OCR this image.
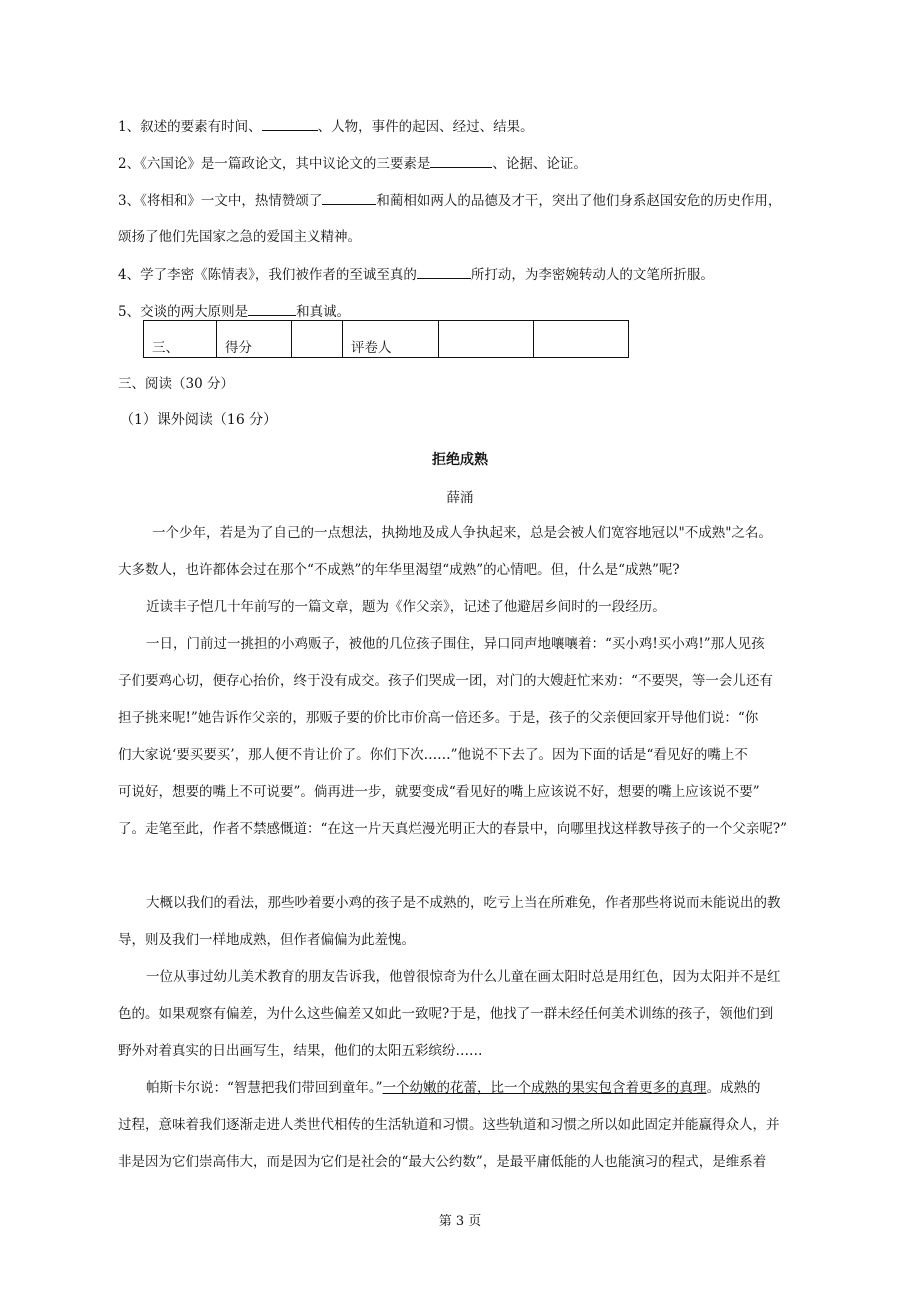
1、叙述的要素有时间、	、人物，事件的起因、经过、结果。
2、《六国论》是一篇政论文，其中议论文的三要素是	、论据、论证。
3、《将相和》一文中，热情赞颂了	和蔺相如两人的品德及才干，突出了他们身系赵国安危的历史作用，
颂扬了他们先国家之急的爱国主义精神。
4、学了李密《陈情表》，我们被作者的至诚至真的	所打动，为李密婉转动人的文笔所折服。
5、交谈的两大原则是	和真诚。
三、	得分		评卷人		
三、阅读（30 分）
（1）课外阅读（16 分）
拒绝成熟
薛涌
一个少年，若是为了自己的一点想法，执拗地及成人争执起来，总是会被人们宽容地冠以"不成熟"之名。
大多数人，也许都体会过在那个“不成熟”的年华里渴望“成熟”的心情吧。但，什么是“成熟”呢?
近读丰子恺几十年前写的一篇文章，题为《作父亲》，记述了他避居乡间时的一段经历。
一日，门前过一挑担的小鸡贩子，被他的几位孩子围住，异口同声地嚷嚷着：“买小鸡!买小鸡!”那人见孩
子们要鸡心切，便存心抬价，终于没有成交。孩子们哭成一团，对门的大嫂赶忙来劝：“不要哭，等一会儿还有
担子挑来呢!”她告诉作父亲的，那贩子要的价比市价高一倍还多。于是，孩子的父亲便回家开导他们说：“你
们大家说‘要买要买’，那人便不肯让价了。你们下次……”他说不下去了。因为下面的话是“看见好的嘴上不
可说好，想要的嘴上不可说要”。倘再进一步，就要变成“看见好的嘴上应该说不好，想要的嘴上应该说不要”
了。走笔至此，作者不禁感慨道：“在这一片天真烂漫光明正大的春景中，向哪里找这样教导孩子的一个父亲呢?”
大概以我们的看法，那些吵着要小鸡的孩子是不成熟的，吃亏上当在所难免，作者那些将说而未能说出的教
导，则及我们一样地成熟，但作者偏偏为此羞愧。
一位从事过幼儿美术教育的朋友告诉我，他曾很惊奇为什么儿童在画太阳时总是用红色，因为太阳并不是红
色的。如果观察有偏差，为什么这些偏差又如此一致呢?于是，他找了一群未经任何美术训练的孩子，领他们到
野外对着真实的日出画写生，结果，他们的太阳五彩缤纷……
帕斯卡尔说：“智慧把我们带回到童年。”一个幼嫩的花蕾，比一个成熟的果实包含着更多的真理。成熟的
过程，意味着我们逐渐走进人类世代相传的生活轨道和习惯。这些轨道和习惯之所以如此固定并能赢得众人，并
非是因为它们崇高伟大，而是因为它们是社会的“最大公约数”，是最平庸低能的人也能演习的程式，是维系着
第 3 页
